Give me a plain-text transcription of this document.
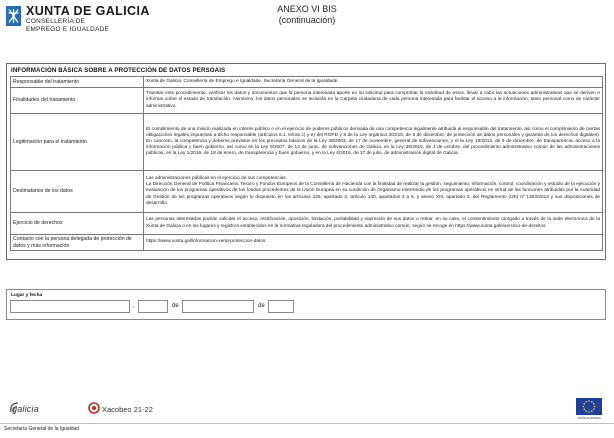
XUNTA DE GALICIA
CONSELLERÍA DE
EMPREGO E IGUALDADE
ANEXO VI BIS
(continuación)
INFORMACIÓN BÁSICA SOBRE A PROTECCIÓN DE DATOS PERSOAIS
Responsable del tratamiento	Xunta de Galicia. Consellería de Emprego e Igualdade. Secretaría General de la Igualdade.
Finalidades del tratamiento	Tramitar este procedimiento, verificar los datos y documentos que la persona interesada aporte en su solicitud para comprobar la exactitud de estos, llevar a cabo las actuaciones administrativas que se deriven e informar sobre el estado de tramitación. Asimismo, los datos personales se incluirán en la Carpeta ciudadana de cada persona interesada para facilitar el acceso a la información, tanto personal como de carácter administrativo.
Legitimación para el tratamiento	El cumplimiento de una misión realizada en interés público o en el ejercicio de poderes públicos derivada de una competencia legalmente atribuida al responsable del tratamiento, así como el cumplimiento de ciertas obligaciones legales impuestas a dicho responsable (artículos 6.1, letras c) y e) del RGPD y 8 de la Ley orgánica 3/2018, de 5 de diciembre, de protección de datos personales y garantía de los derechos digitales). En concreto, la competencia y deberes previstos en los preceptos básicos de la Ley 38/2003, de 17 de noviembre, general de subvenciones, y el la Ley 19/2013, de 9 de diciembre, de transparencia, acceso a la información pública y buen gobierno, así como en la Ley 9/2007, de 13 de junio, de subvenciones de Galicia, en la Ley 39/2015, de 1 de octubre, del procedimiento administrativo común de las administraciones públicas, en la Ley 1/2016, de 18 de enero, de transparencia y buen gobierno, y en la Ley 4/2019, de 17 de julio, de administración digital de Galicia.
Destinatarios de los datos	Las administraciones públicas en el ejercicio de sus competencias.
La Dirección General de Política Financiera, Tesoro y Fondos Europeos de la Consellería de Hacienda con la finalidad de realizar la gestión, seguimiento, información, control, coordinación y estudio de la ejecución y evaluación de los programas operativos de los fondos procedentes de la Unión Europea en su condición de Organismo Intermedio de los programas operativos en virtud de las funciones atribuidas por la Autoridad de Gestión de los programas operativos según lo dispuesto en los artículos 125, apartado 2, artículo 140, apartados 3 a 5, y anexo XIII, apartado 3, del Reglamento (UE) nº 1303/2013 y sus disposiciones de desarrollo.
Ejercicio de derechos	Las personas interesadas podrán solicitar el acceso, rectificación, oposición, limitación, portabilidad y supresión de sus datos o retirar, en su caso, el consentimiento otorgado a través de la sede electrónica de la Xunta de Galicia o en los lugares y registros establecidos en la normativa reguladora del procedimiento administrativo común, según se recoge en https://www.xunta.gal/exercicio-de-dereitos
Contacto con la persona delegada de protección de datos y más información	https://www.xunta.gal/informacion-xeral-proteccion-datos
Lugar y fecha
,	de	de
galicia	Xacobeo 21-22
UNIÓN EUROPEA
Secretaría General de la Igualdad
